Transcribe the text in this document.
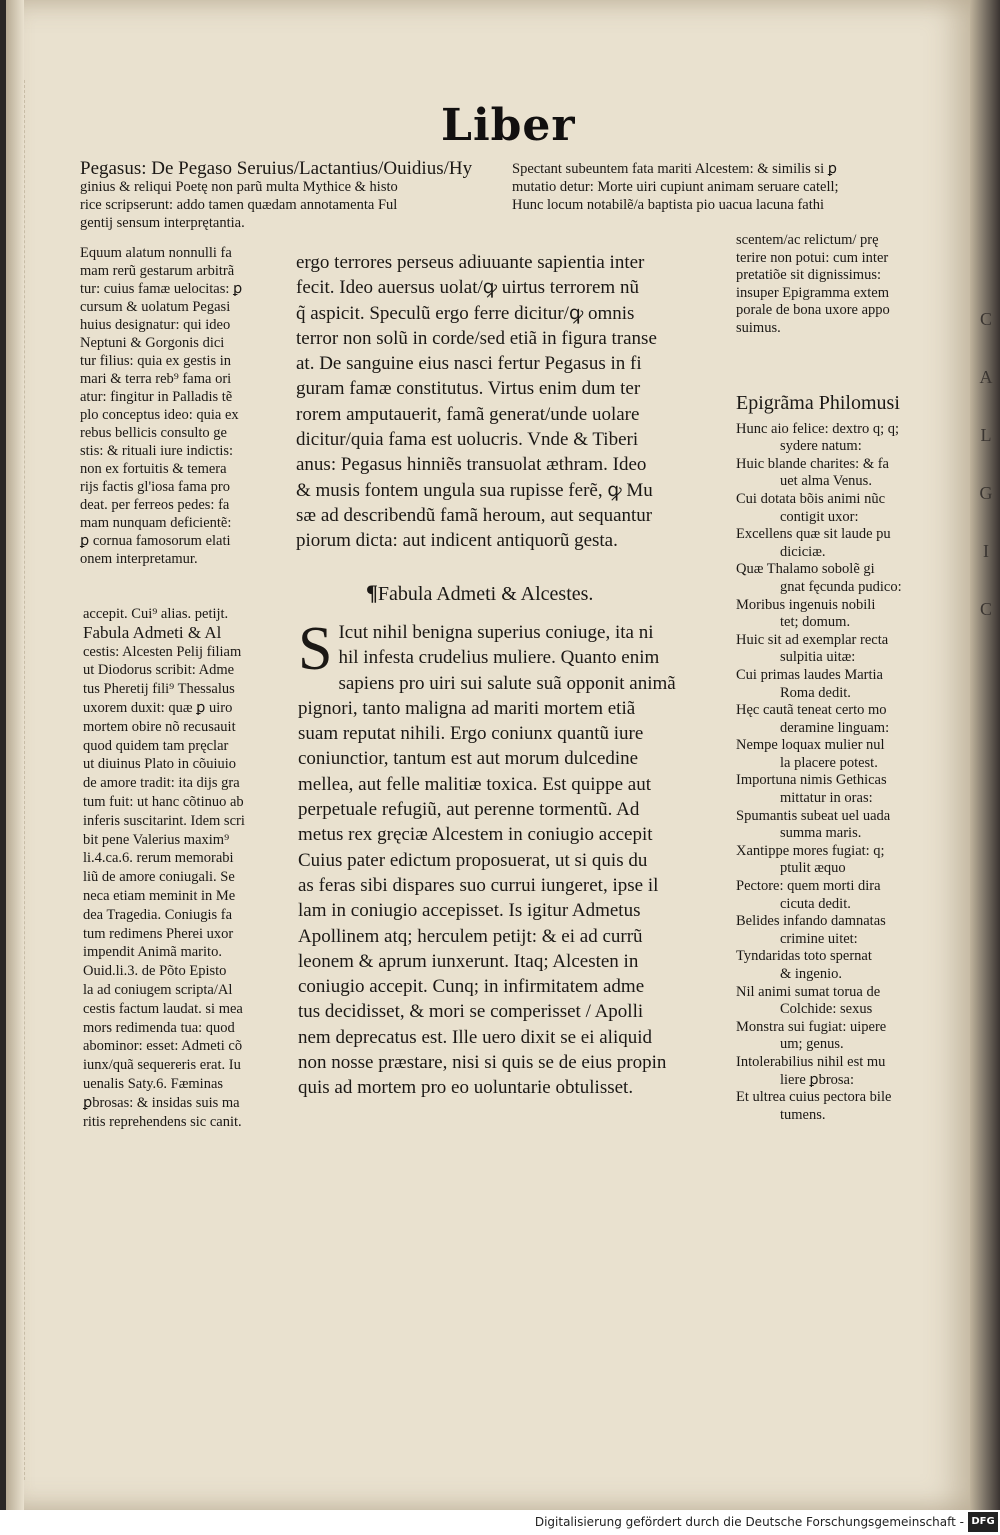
Liber
Pegasus: De Pegaso Seruius/Lactantius/Ouidius/Hy
ginius & reliqui Poetę non parũ multa Mythice & histo
rice scripserunt: addo tamen quædam annotamenta Ful
gentij sensum interprętantia.
Equum alatum nonnulli fa
mam rerũ gestarum arbitrã
tur: cuius famæ uelocitas: ꝑ
cursum & uolatum Pegasi
huius designatur: qui ideo
Neptuni & Gorgonis dici
tur filius: quia ex gestis in
mari & terra reb⁹ fama ori
atur: fingitur in Palladis tẽ
plo conceptus ideo: quia ex
rebus bellicis consulto ge
stis: & rituali iure indictis:
non ex fortuitis & temera
rijs factis gl'iosa fama pro
deat. per ferreos pedes: fa
mam nunquam deficientẽ:
ꝑ cornua famosorum elati
onem interpretamur.
ergo terrores perseus adiuuante sapientia inter
fecit. Ideo auersus uolat/ꝙ uirtus terrorem nũ
q̃ aspicit. Speculũ ergo ferre dicitur/ꝙ omnis
terror non solũ in corde/sed etiã in figura transe
at. De sanguine eius nasci fertur Pegasus in fi
guram famæ constitutus. Virtus enim dum ter
rorem amputauerit, famã generat/unde uolare
dicitur/quia fama est uolucris. Vnde & Tiberi
anus: Pegasus hinniẽs transuolat æthram. Ideo
& musis fontem ungula sua rupisse ferẽ, ꝙ Mu
sæ ad describendũ famã heroum, aut sequantur
piorum dicta: aut indicent antiquorũ gesta.
¶Fabula Admeti & Alcestes.
S Icut nihil benigna superius coniuge, ita ni
hil infesta crudelius muliere. Quanto enim
sapiens pro uiri sui salute suã opponit animã
pignori, tanto maligna ad mariti mortem etiã
suam reputat nihili. Ergo coniunx quantũ iure
coniunctior, tantum est aut morum dulcedine
mellea, aut felle malitiæ toxica. Est quippe aut
perpetuale refugiũ, aut perenne tormentũ. Ad
metus rex gręciæ Alcestem in coniugio accepit
Cuius pater edictum proposuerat, ut si quis du
as feras sibi dispares suo currui iungeret, ipse il
lam in coniugio accepisset. Is igitur Admetus
Apollinem atq; herculem petijt: & ei ad currũ
leonem & aprum iunxerunt. Itaq; Alcesten in
coniugio accepit. Cunq; in infirmitatem adme
tus decidisset, & mori se comperisset / Apolli
nem deprecatus est. Ille uero dixit se ei aliquid
non nosse præstare, nisi si quis se de eius propin
quis ad mortem pro eo uoluntarie obtulisset.
accepit. Cui⁹ alias. petijt.
Fabula Admeti & Al
cestis: Alcesten Pelij filiam
ut Diodorus scribit: Adme
tus Pheretij fili⁹ Thessalus
uxorem duxit: quæ ꝑ uiro
mortem obire nõ recusauit
quod quidem tam pręclar
ut diuinus Plato in cõuiuio
de amore tradit: ita dijs gra
tum fuit: ut hanc cõtinuo ab
inferis suscitarint. Idem scri
bit pene Valerius maxim⁹
li.4.ca.6. rerum memorabi
liũ de amore coniugali. Se
neca etiam meminit in Me
dea Tragedia. Coniugis fa
tum redimens Pherei uxor
impendit Animã marito.
Ouid.li.3. de Põto Episto
la ad coniugem scripta/Al
cestis factum laudat. si mea
mors redimenda tua: quod
abominor: esset: Admeti cõ
iunx/quã sequereris erat. Iu
uenalis Saty.6. Fæminas
ꝑbrosas: & insidas suis ma
ritis reprehendens sic canit.
Spectant subeuntem fata mariti Alcestem: & similis si ꝑ
mutatio detur: Morte uiri cupiunt animam seruare catell;
Hunc locum notabilẽ/a baptista pio uacua lacuna fathi
scentem/ac relictum/ prę
terire non potui: cum inter
pretatiõe sit dignissimus:
insuper Epigramma extem
porale de bona uxore appo
suimus.
Epigrãma Philomusi
Hunc aio felice: dextro q; q;
sydere natum:
Huic blande charites: & fa
uet alma Venus.
Cui dotata bõis animi nũc
contigit uxor:
Excellens quæ sit laude pu
diciciæ.
Quæ Thalamo sobolẽ gi
gnat fęcunda pudico:
Moribus ingenuis nobili
tet; domum.
Huic sit ad exemplar recta
sulpitia uitæ:
Cui primas laudes Martia
Roma dedit.
Hęc cautã teneat certo mo
deramine linguam:
Nempe loquax mulier nul
la placere potest.
Importuna nimis Gethicas
mittatur in oras:
Spumantis subeat uel uada
summa maris.
Xantippe mores fugiat: q;
ptulit æquo
Pectore: quem morti dira
cicuta dedit.
Belides infando damnatas
crimine uitet:
Tyndaridas toto spernat
& ingenio.
Nil animi sumat torua de
Colchide: sexus
Monstra sui fugiat: uipere
um; genus.
Intolerabilius nihil est mu
liere ꝑbrosa:
Et ultrea cuius pectora bile
tumens.
C
A
L
G
I
C
Digitalisierung gefördert durch die Deutsche Forschungsgemeinschaft - DFG
